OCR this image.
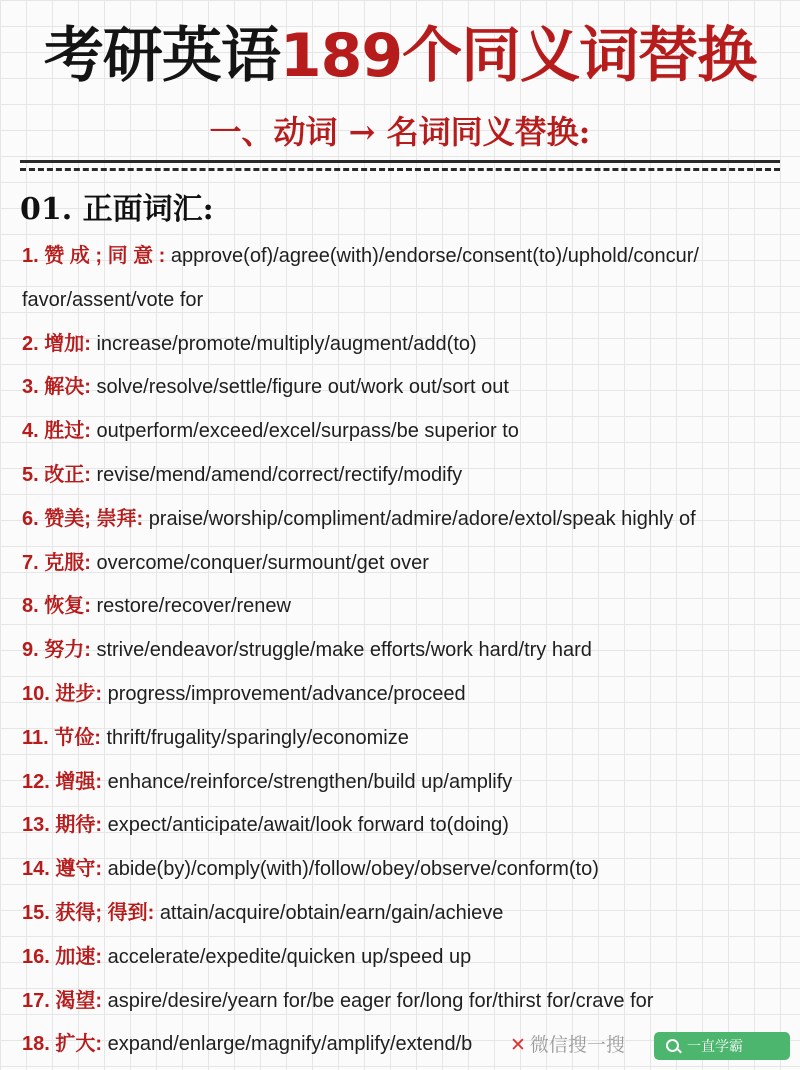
考研英语189个同义词替换
一、动词 → 名词同义替换:
01. 正面词汇:
1. 赞 成 ; 同 意 : approve(of)/agree(with)/endorse/consent(to)/uphold/concur/
favor/assent/vote for
2. 增加: increase/promote/multiply/augment/add(to)
3. 解决: solve/resolve/settle/figure out/work out/sort out
4. 胜过: outperform/exceed/excel/surpass/be superior to
5. 改正: revise/mend/amend/correct/rectify/modify
6. 赞美; 崇拜: praise/worship/compliment/admire/adore/extol/speak highly of
7. 克服: overcome/conquer/surmount/get over
8. 恢复: restore/recover/renew
9. 努力: strive/endeavor/struggle/make efforts/work hard/try hard
10. 进步: progress/improvement/advance/proceed
11. 节俭: thrift/frugality/sparingly/economize
12. 增强: enhance/reinforce/strengthen/build up/amplify
13. 期待: expect/anticipate/await/look forward to(doing)
14. 遵守: abide(by)/comply(with)/follow/obey/observe/conform(to)
15. 获得; 得到: attain/acquire/obtain/earn/gain/achieve
16. 加速: accelerate/expedite/quicken up/speed up
17. 渴望: aspire/desire/yearn for/be eager for/long for/thirst for/crave for
18. 扩大: expand/enlarge/magnify/amplify/extend/b	✕ 微信搜一搜	一直学霸
